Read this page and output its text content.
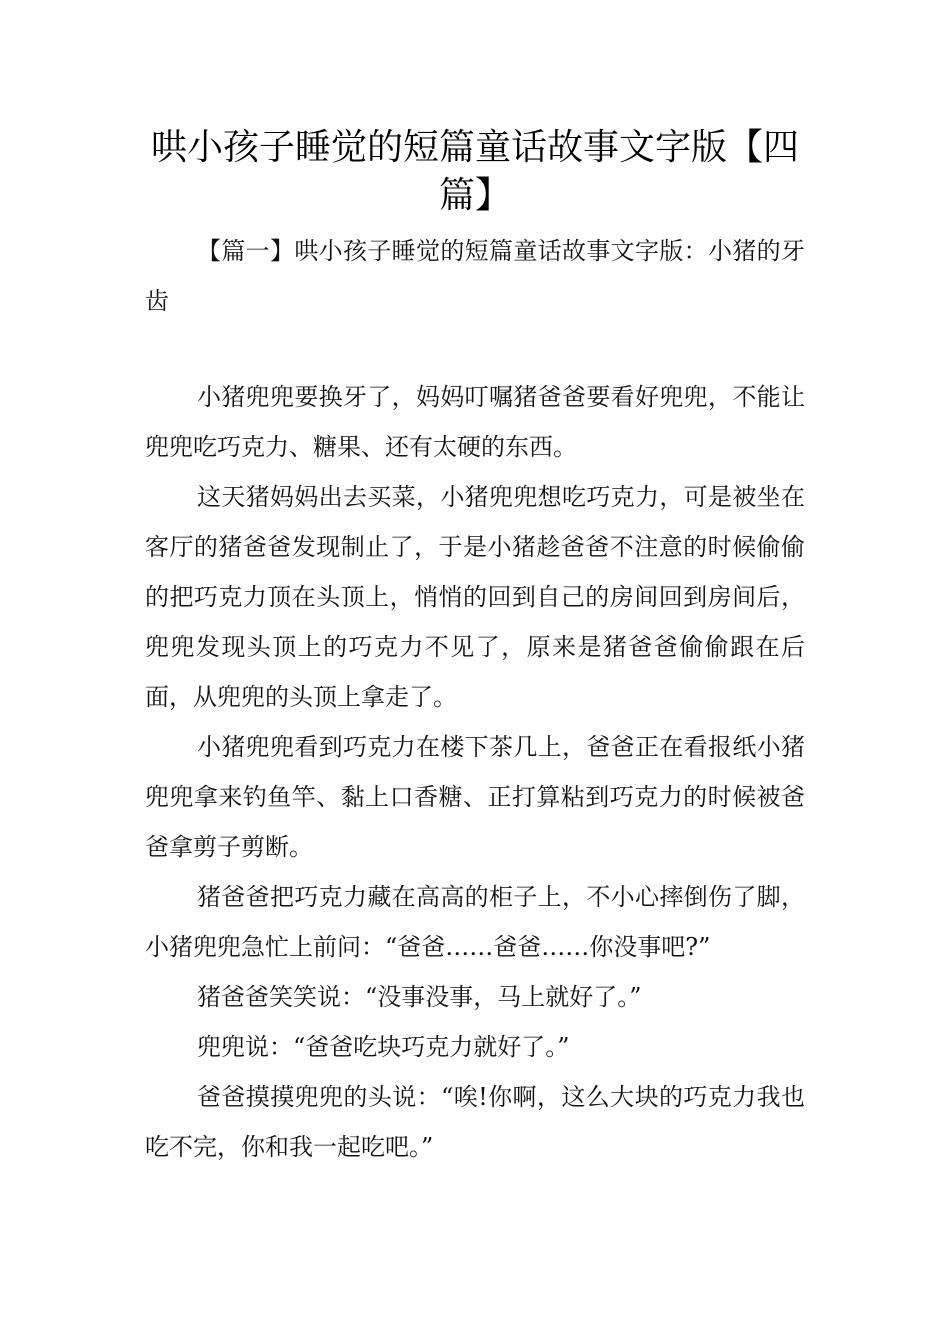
哄小孩子睡觉的短篇童话故事文字版【四篇】

【篇一】哄小孩子睡觉的短篇童话故事文字版：小猪的牙齿

小猪兜兜要换牙了，妈妈叮嘱猪爸爸要看好兜兜，不能让兜兜吃巧克力、糖果、还有太硬的东西。

这天猪妈妈出去买菜，小猪兜兜想吃巧克力，可是被坐在客厅的猪爸爸发现制止了，于是小猪趁爸爸不注意的时候偷偷的把巧克力顶在头顶上，悄悄的回到自己的房间回到房间后，兜兜发现头顶上的巧克力不见了，原来是猪爸爸偷偷跟在后面，从兜兜的头顶上拿走了。

小猪兜兜看到巧克力在楼下茶几上，爸爸正在看报纸小猪兜兜拿来钓鱼竿、黏上口香糖、正打算粘到巧克力的时候被爸爸拿剪子剪断。

猪爸爸把巧克力藏在高高的柜子上，不小心摔倒伤了脚，小猪兜兜急忙上前问：“爸爸……爸爸……你没事吧?”

猪爸爸笑笑说：“没事没事，马上就好了。”

兜兜说：“爸爸吃块巧克力就好了。”

爸爸摸摸兜兜的头说：“唉!你啊，这么大块的巧克力我也吃不完，你和我一起吃吧。”
